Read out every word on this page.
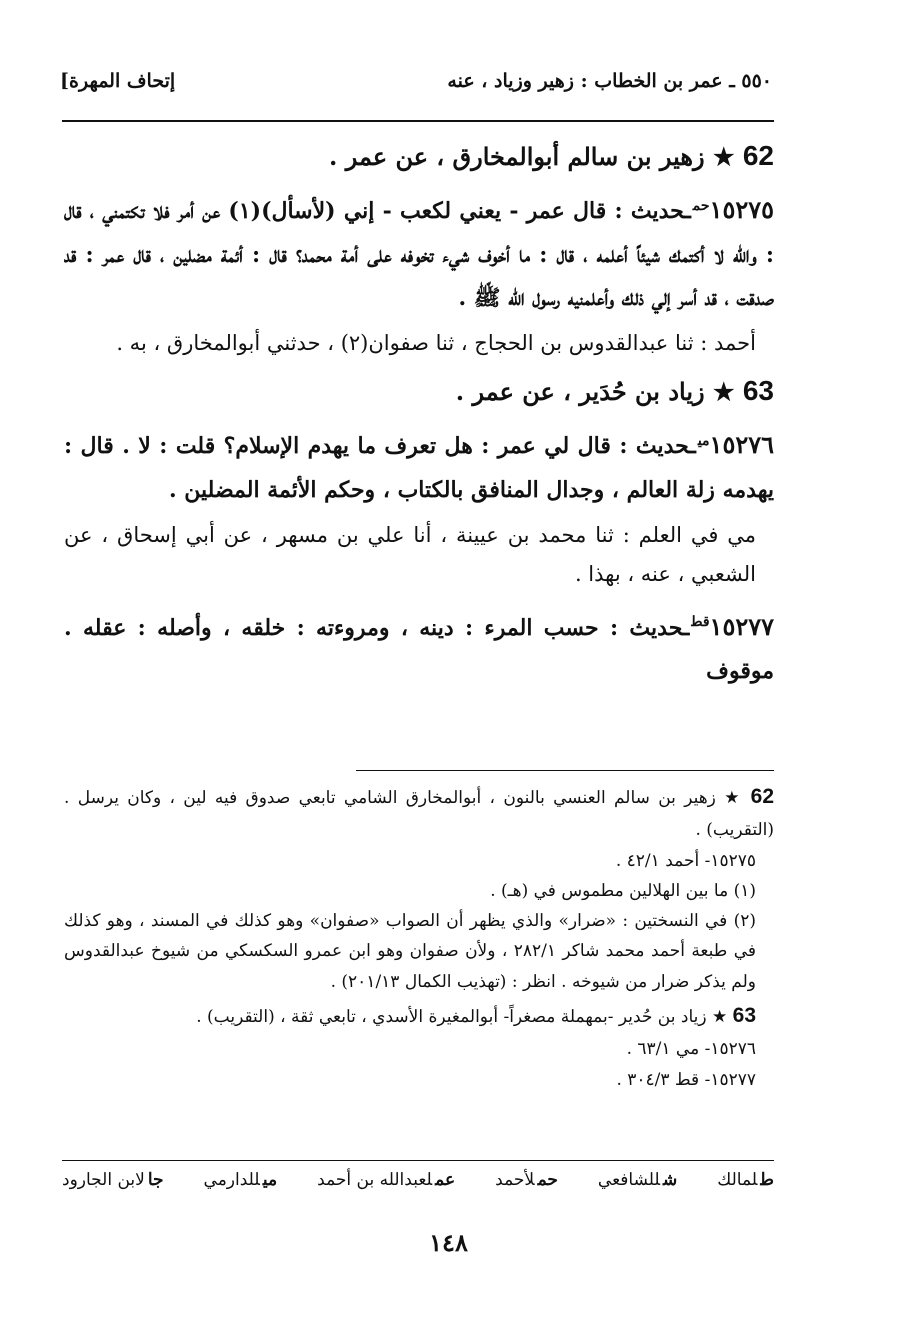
[إتحاف المهرة	٥٥٠ ـ عمر بن الخطاب : زهير وزياد ، عنه

62 ★ زهير بن سالم أبوالمخارق ، عن عمر .

$١٥٢٧٥^{حم}ـحديث$ : قال عمر - يعني لكعب - إني (لأسأل)(١) عن أمر فلا تكتمني ، قال : والله لا أكتمك شيئاً أعلمه ، قال : ما أخوف شيء تخوفه على أمة محمد؟ قال : أئمة مضلين ، قال عمر : قد صدقت ، قد أسر إلي ذلك وأعلمنيه رسول الله ﷺ .

أحمد : ثنا عبدالقدوس بن الحجاج ، ثنا صفوان(٢) ، حدثني أبوالمخارق ، به .

63 ★ زياد بن حُدَير ، عن عمر .

$١٥٢٧٦^{مي}ـحديث$ : قال لي عمر : هل تعرف ما يهدم الإسلام؟ قلت : لا . قال : يهدمه زلة العالم ، وجدال المنافق بالكتاب ، وحكم الأئمة المضلين .

مي في العلم : ثنا محمد بن عيينة ، أنا علي بن مسهر ، عن أبي إسحاق ، عن الشعبي ، عنه ، بهذا .

$١٥٢٧٧^{قط}ـحديث$ : حسب المرء : دينه ، ومروءته : خلقه ، وأصله : عقله . موقوف

62 ★ زهير بن سالم العنسي بالنون ، أبوالمخارق الشامي تابعي صدوق فيه لين ، وكان يرسل . (التقريب) .

١٥٢٧٥- أحمد ٤٢/١ .

(١) ما بين الهلالين مطموس في (هـ) .

(٢) في النسختين : «ضرار» والذي يظهر أن الصواب «صفوان» وهو كذلك في المسند ، وهو كذلك في طبعة أحمد محمد شاكر ٢٨٢/١ ، ولأن صفوان وهو ابن عمرو السكسكي من شيوخ عبدالقدوس ولم يذكر ضرار من شيوخه . انظر : (تهذيب الكمال ٢٠١/١٣) .

63 ★ زياد بن حُدير -بمهملة مصغراً- أبوالمغيرة الأسدي ، تابعي ثقة ، (التقريب) .

١٥٢٧٦- مي ٦٣/١ .

١٥٢٧٧- قط ٣٠٤/٣ .

طلمالك
شللشافعي
حملأحمد
عملعبدالله بن أحمد
ميللدارمي
جالابن الجارود
١٤٨
